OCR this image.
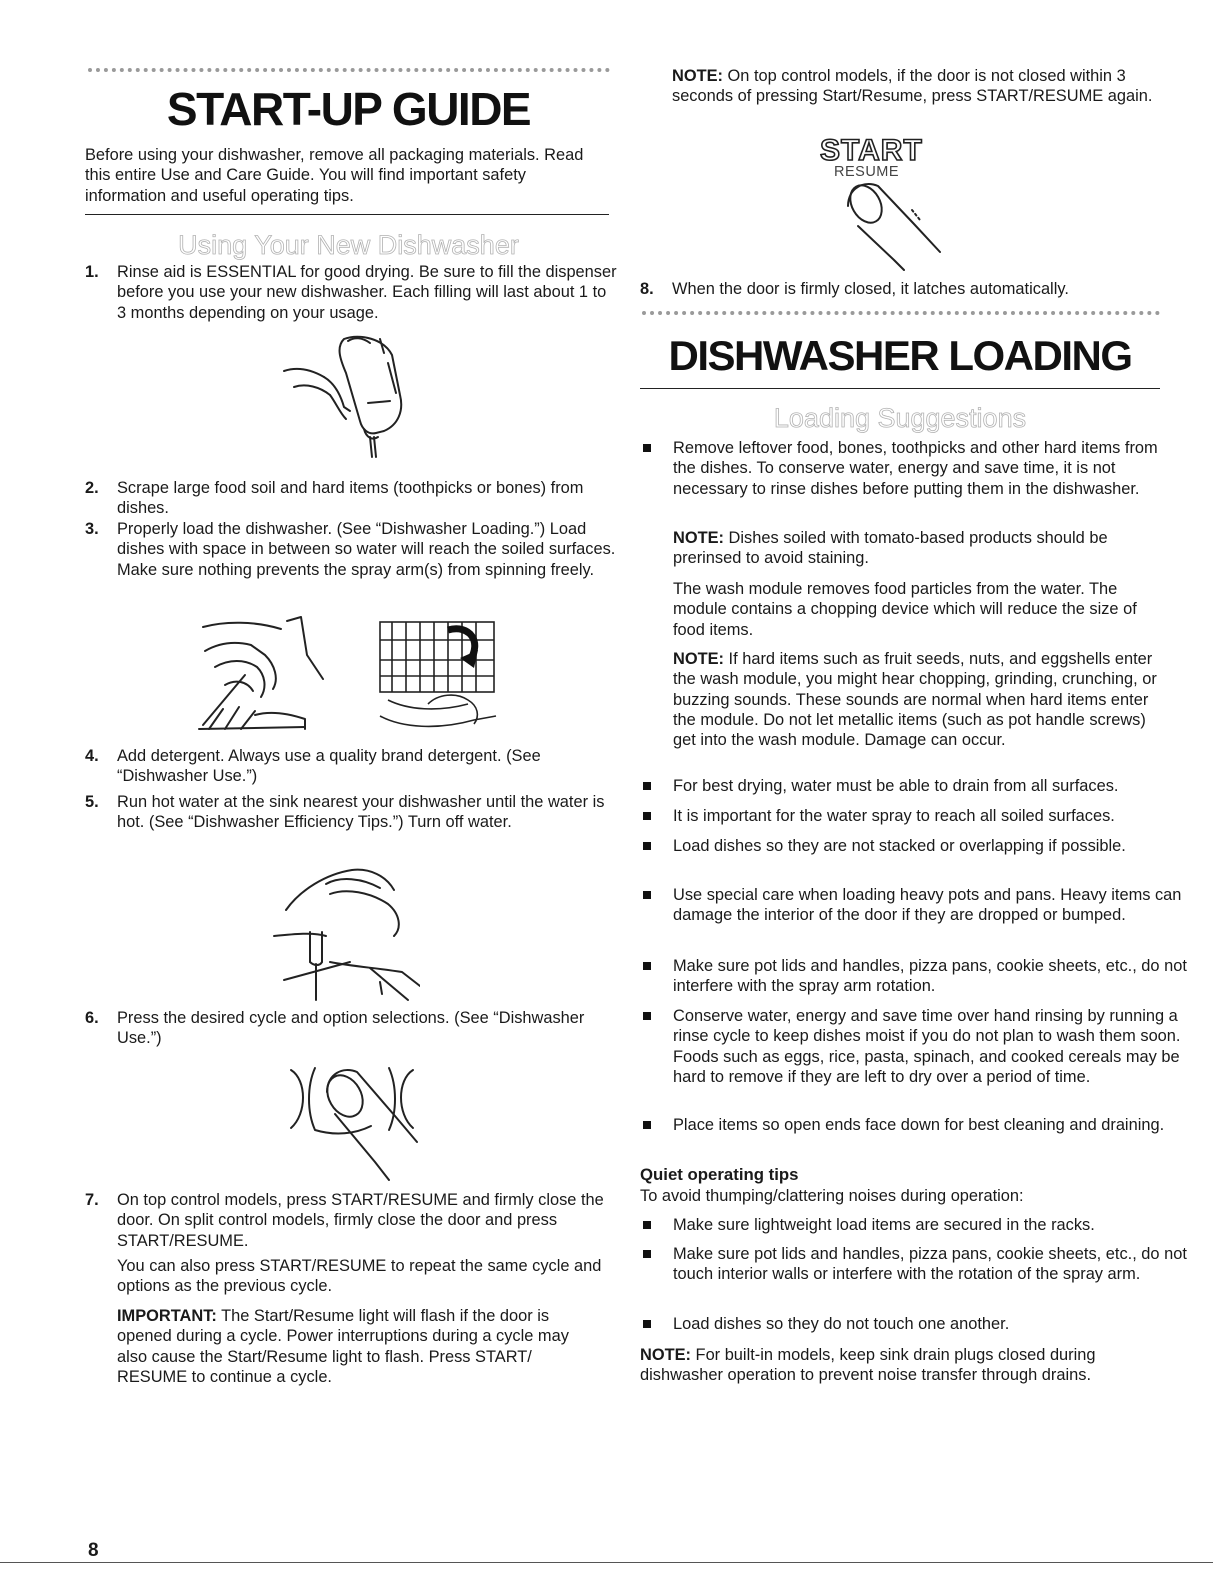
START-UP GUIDE

Before using your dishwasher, remove all packaging materials. Read this entire Use and Care Guide. You will find important safety information and useful operating tips.

Using Your New Dishwasher
1. Rinse aid is ESSENTIAL for good drying. Be sure to fill the dispenser before you use your new dishwasher. Each filling will last about 1 to 3 months depending on your usage.
2. Scrape large food soil and hard items (toothpicks or bones) from dishes.
3. Properly load the dishwasher. (See “Dishwasher Loading.”) Load dishes with space in between so water will reach the soiled surfaces. Make sure nothing prevents the spray arm(s) from spinning freely.
4. Add detergent. Always use a quality brand detergent. (See “Dishwasher Use.”)
5. Run hot water at the sink nearest your dishwasher until the water is hot. (See “Dishwasher Efficiency Tips.”) Turn off water.
6. Press the desired cycle and option selections. (See “Dishwasher Use.”)
7. On top control models, press START/RESUME and firmly close the door. On split control models, firmly close the door and press START/RESUME.

You can also press START/RESUME to repeat the same cycle and options as the previous cycle.

IMPORTANT: The Start/Resume light will flash if the door is opened during a cycle. Power interruptions during a cycle may also cause the Start/Resume light to flash. Press START/ RESUME to continue a cycle.

NOTE: On top control models, if the door is not closed within 3 seconds of pressing Start/Resume, press START/RESUME again.

START
RESUME
8. When the door is firmly closed, it latches automatically.
DISHWASHER LOADING
Loading Suggestions
Remove leftover food, bones, toothpicks and other hard items from the dishes. To conserve water, energy and save time, it is not necessary to rinse dishes before putting them in the dishwasher.

NOTE: Dishes soiled with tomato-based products should be prerinsed to avoid staining.

The wash module removes food particles from the water. The module contains a chopping device which will reduce the size of food items.

NOTE: If hard items such as fruit seeds, nuts, and eggshells enter the wash module, you might hear chopping, grinding, crunching, or buzzing sounds. These sounds are normal when hard items enter the module. Do not let metallic items (such as pot handle screws) get into the wash module. Damage can occur.

For best drying, water must be able to drain from all surfaces.
It is important for the water spray to reach all soiled surfaces.
Load dishes so they are not stacked or overlapping if possible.
Use special care when loading heavy pots and pans. Heavy items can damage the interior of the door if they are dropped or bumped.
Make sure pot lids and handles, pizza pans, cookie sheets, etc., do not interfere with the spray arm rotation.
Conserve water, energy and save time over hand rinsing by running a rinse cycle to keep dishes moist if you do not plan to wash them soon. Foods such as eggs, rice, pasta, spinach, and cooked cereals may be hard to remove if they are left to dry over a period of time.
Place items so open ends face down for best cleaning and draining.
Quiet operating tips

To avoid thumping/clattering noises during operation:

Make sure lightweight load items are secured in the racks.
Make sure pot lids and handles, pizza pans, cookie sheets, etc., do not touch interior walls or interfere with the rotation of the spray arm.
Load dishes so they do not touch one another.

NOTE: For built-in models, keep sink drain plugs closed during dishwasher operation to prevent noise transfer through drains.

8
